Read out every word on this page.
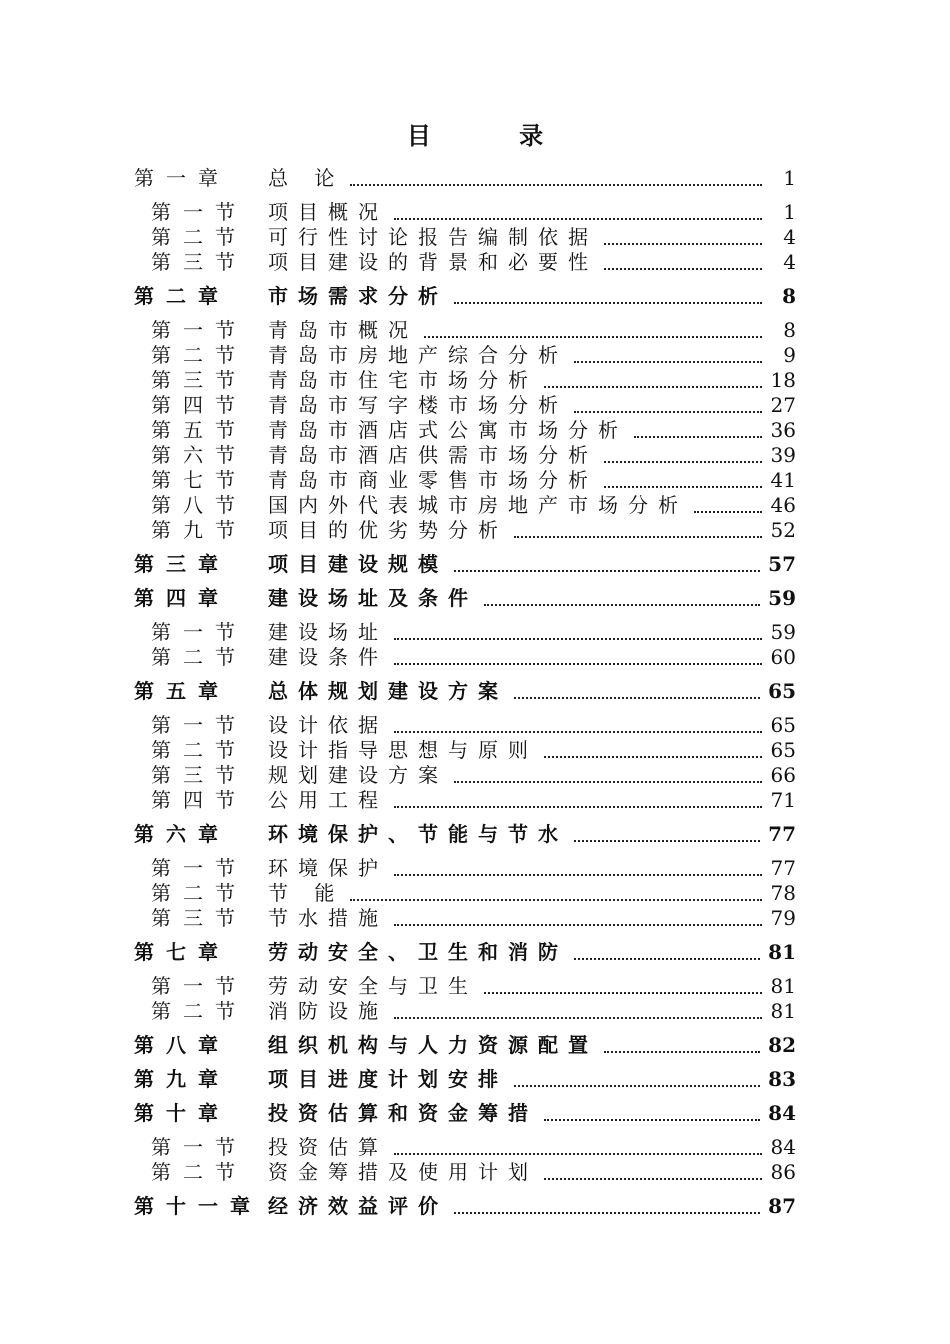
目 录
第一章	总 论	1
第一节	项目概况	1
第二节	可行性讨论报告编制依据	4
第三节	项目建设的背景和必要性	4
第二章	市场需求分析	8
第一节	青岛市概况	8
第二节	青岛市房地产综合分析	9
第三节	青岛市住宅市场分析	18
第四节	青岛市写字楼市场分析	27
第五节	青岛市酒店式公寓市场分析	36
第六节	青岛市酒店供需市场分析	39
第七节	青岛市商业零售市场分析	41
第八节	国内外代表城市房地产市场分析	46
第九节	项目的优劣势分析	52
第三章	项目建设规模	57
第四章	建设场址及条件	59
第一节	建设场址	59
第二节	建设条件	60
第五章	总体规划建设方案	65
第一节	设计依据	65
第二节	设计指导思想与原则	65
第三节	规划建设方案	66
第四节	公用工程	71
第六章	环境保护、节能与节水	77
第一节	环境保护	77
第二节	节 能	78
第三节	节水措施	79
第七章	劳动安全、卫生和消防	81
第一节	劳动安全与卫生	81
第二节	消防设施	81
第八章	组织机构与人力资源配置	82
第九章	项目进度计划安排	83
第十章	投资估算和资金筹措	84
第一节	投资估算	84
第二节	资金筹措及使用计划	86
第十一章 经济效益评价	87
